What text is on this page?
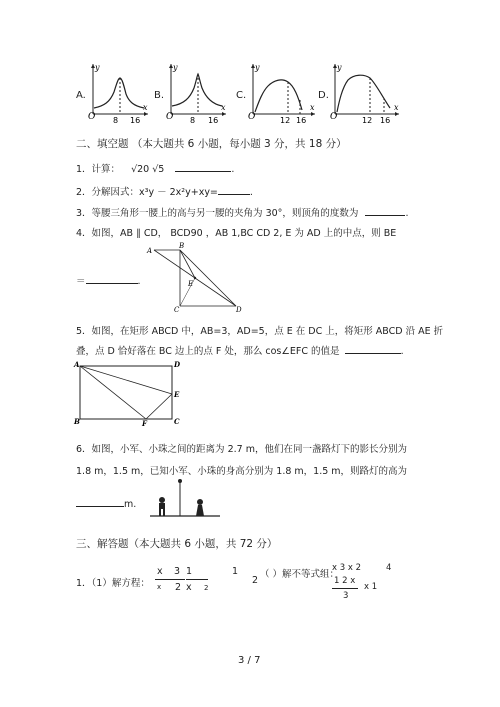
A.
O
y
x
8 16
B.
O
y
x
8 16
C.
O
y
x
12 16
D.
O
y
x
12 16
二、填空题 （本大题共 6 小题，每小题 3 分，共 18 分）
1．计算： √20 √5	.
2．分解因式：x³y － 2x²y+xy=	.
3．等腰三角形一腰上的高与另一腰的夹角为 30°，则顶角的度数为	.
4．如图，AB ∥ CD， BCD90 ，AB 1,BC CD 2, E 为 AD 上的中点，则 BE
A
B
E
C	D
＝	.
5．如图，在矩形 ABCD 中，AB=3，AD=5，点 E 在 DC 上，将矩形 ABCD 沿 AE 折
叠，点 D 恰好落在 BC 边上的点 F 处，那么 cos∠EFC 的值是	.
A	D
E
B	F	C
6．如图，小军、小珠之间的距离为 2.7 m，他们在同一盏路灯下的影长分别为
1.8 m，1.5 m，已知小军、小珠的身高分别为 1.8 m，1.5 m，则路灯的高为
m.
三、解答题（本大题共 6 小题，共 72 分）
1．（1）解方程：
x 3 1
x 2 x 2
1
2
（ ）解不等式组：
x 3 x 2	4
1 2 x
3
x 1
3 / 7
